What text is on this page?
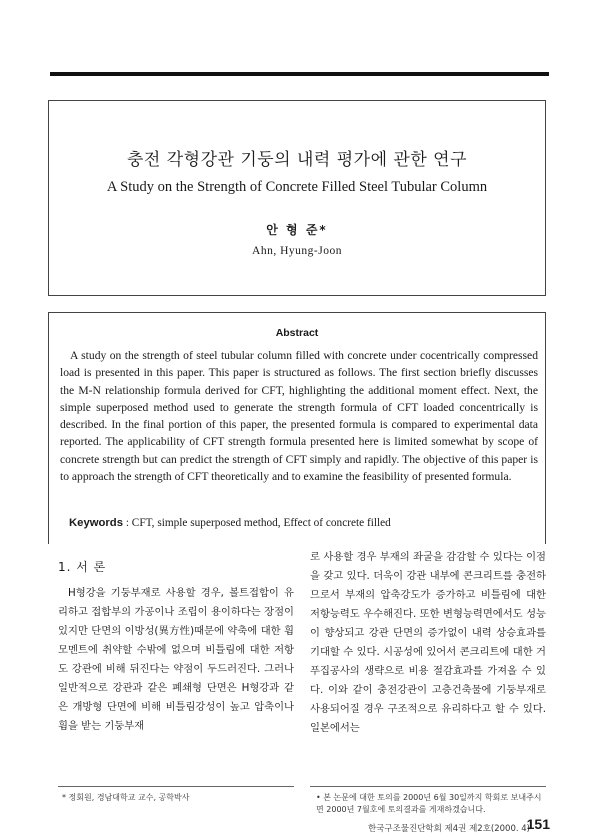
충전 각형강관 기둥의 내력 평가에 관한 연구
A Study on the Strength of Concrete Filled Steel Tubular Column
안 형 준*
Ahn, Hyung-Joon
Abstract

A study on the strength of steel tubular column filled with concrete under cocentrically compressed load is presented in this paper. This paper is structured as follows. The first section briefly discusses the M-N relationship formula derived for CFT, highlighting the additional moment effect. Next, the simple superposed method used to generate the strength formula of CFT loaded concentrically is described. In the final portion of this paper, the presented formula is compared to experimental data reported. The applicability of CFT strength formula presented here is limited somewhat by scope of concrete strength but can predict the strength of CFT simply and rapidly. The objective of this paper is to approach the strength of CFT theoretically and to examine the feasibility of presented formula.

Keywords : CFT, simple superposed method, Effect of concrete filled
1. 서 론

H형강을 기둥부재로 사용할 경우, 볼트접합이 유리하고 접합부의 가공이나 조립이 용이하다는 장점이 있지만 단면의 이방성(異方性)때문에 약축에 대한 휨모멘트에 취약할 수밖에 없으며 비틀림에 대한 저항도 강관에 비해 뒤진다는 약점이 두드러진다. 그러나 일반적으로 강관과 같은 폐쇄형 단면은 H형강과 같은 개방형 단면에 비해 비틀림강성이 높고 압축이나 휨을 받는 기둥부재

로 사용할 경우 부재의 좌굴을 감감할 수 있다는 이점을 갖고 있다. 더욱이 강관 내부에 콘크리트를 충전하므로서 부재의 압축강도가 증가하고 비틀림에 대한 저항능력도 우수해진다. 또한 변형능력면에서도 성능이 향상되고 강관 단면의 증가없이 내력 상승효과를 기대할 수 있다. 시공성에 있어서 콘크리트에 대한 거푸집공사의 생략으로 비용 절감효과를 가져올 수 있다. 이와 같이 충전강관이 고층건축물에 기둥부재로 사용되어질 경우 구조적으로 유리하다고 할 수 있다. 일본에서는

* 정회원, 경남대학교 교수, 공학박사	• 본 논문에 대한 토의를 2000년 6월 30일까지 학회로 보내주시면 2000년 7월호에 토의결과를 게재하겠습니다.

한국구조물진단학회 제4권 제2호(2000. 4)
151
